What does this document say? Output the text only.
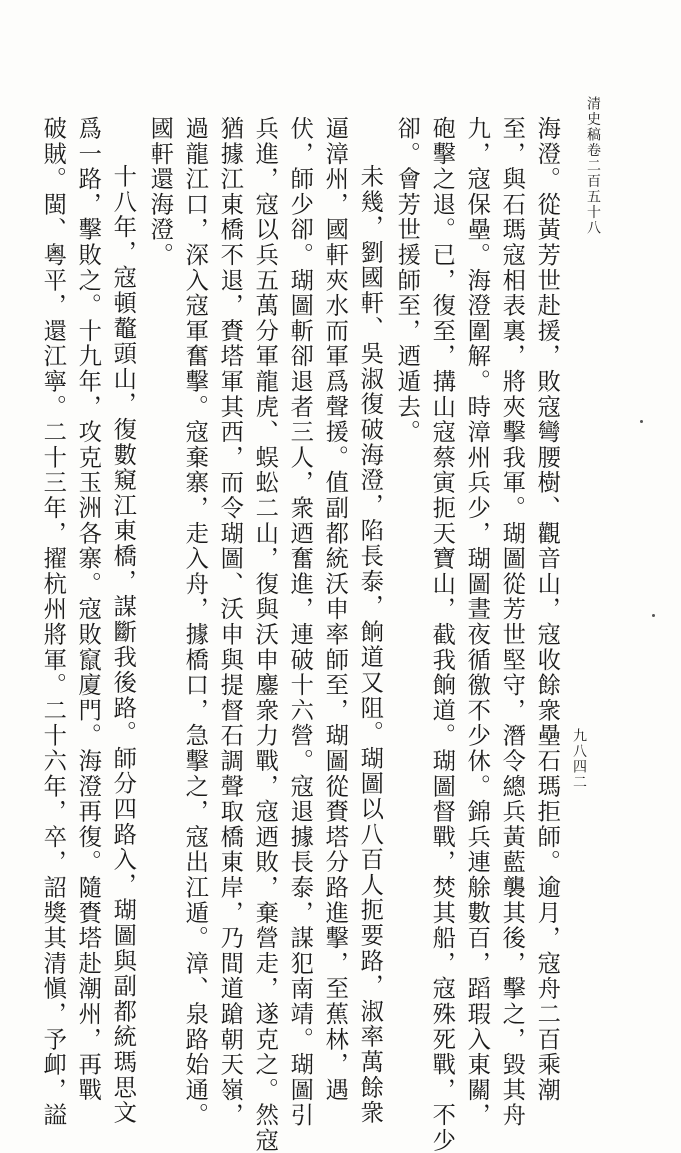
清史稿卷二百五十八
九八四二
海澄。從黃芳世赴援，敗寇彎腰樹、觀音山，寇收餘衆壘石瑪拒師。逾月，寇舟二百乘潮
至，與石瑪寇相表裏，將夾擊我軍。瑚圖從芳世堅守，潛令總兵黃藍襲其後，擊之，毀其舟
九，寇保壘。海澄圍解。時漳州兵少，瑚圖晝夜循徼不少休。錦兵連艅數百，蹈瑕入東關，
砲擊之退。已，復至，搆山寇蔡寅扼天寶山，截我餉道。瑚圖督戰，焚其船，寇殊死戰，不少
卻。會芳世援師至，迺遁去。
未幾，劉國軒、吳淑復破海澄，陷長泰，餉道又阻。瑚圖以八百人扼要路，淑率萬餘衆
逼漳州，國軒夾水而軍爲聲援。值副都統沃申率師至，瑚圖從賚塔分路進擊，至蕉林，遇
伏，師少卻。瑚圖斬卻退者三人，衆迺奮進，連破十六營。寇退據長泰，謀犯南靖。瑚圖引
兵進，寇以兵五萬分軍龍虎、蜈蚣二山，復與沃申鏖衆力戰，寇迺敗，棄營走，遂克之。然寇
猶據江東橋不退，賚塔軍其西，而令瑚圖、沃申與提督石調聲取橋東岸，乃間道蹌朝天嶺，
過龍江口，深入寇軍奮擊。寇棄寨，走入舟，據橋口，急擊之，寇出江遁。漳、泉路始通。
國軒還海澄。
十八年，寇頓鼇頭山，復數窺江東橋，謀斷我後路。師分四路入，瑚圖與副都統瑪思文
爲一路，擊敗之。十九年，攻克玉洲各寨。寇敗竄廈門。海澄再復。隨賚塔赴潮州，再戰
破賊。閩、粵平，還江寧。二十三年，擢杭州將軍。二十六年，卒，詔獎其清愼，予卹，謚
